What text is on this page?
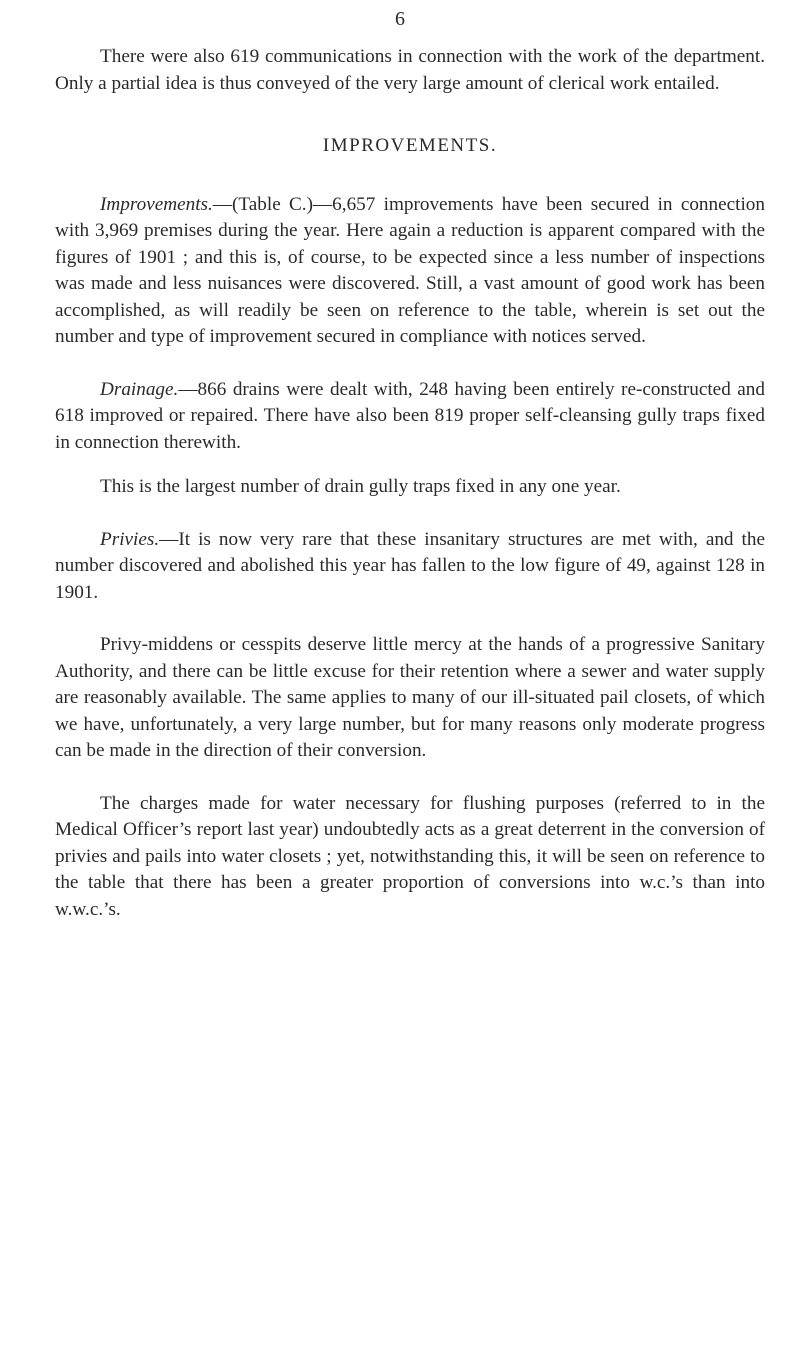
6

There were also 619 communications in connection with the work of the department. Only a partial idea is thus conveyed of the very large amount of clerical work entailed.

IMPROVEMENTS.

Improvements.—(Table C.)—6,657 improvements have been secured in connection with 3,969 premises during the year. Here again a reduction is apparent compared with the figures of 1901 ; and this is, of course, to be expected since a less number of inspections was made and less nuisances were discovered. Still, a vast amount of good work has been accomplished, as will readily be seen on reference to the table, wherein is set out the number and type of improvement secured in compliance with notices served.

Drainage.—866 drains were dealt with, 248 having been entirely re-constructed and 618 improved or repaired. There have also been 819 proper self-cleansing gully traps fixed in connection therewith.

This is the largest number of drain gully traps fixed in any one year.

Privies.—It is now very rare that these insanitary structures are met with, and the number discovered and abolished this year has fallen to the low figure of 49, against 128 in 1901.

Privy-middens or cesspits deserve little mercy at the hands of a progressive Sanitary Authority, and there can be little excuse for their retention where a sewer and water supply are reasonably available. The same applies to many of our ill-situated pail closets, of which we have, unfortunately, a very large number, but for many reasons only moderate progress can be made in the direction of their conversion.

The charges made for water necessary for flushing purposes (referred to in the Medical Officer’s report last year) undoubtedly acts as a great deterrent in the conversion of privies and pails into water closets ; yet, notwithstanding this, it will be seen on reference to the table that there has been a greater proportion of conversions into w.c.’s than into w.w.c.’s.
